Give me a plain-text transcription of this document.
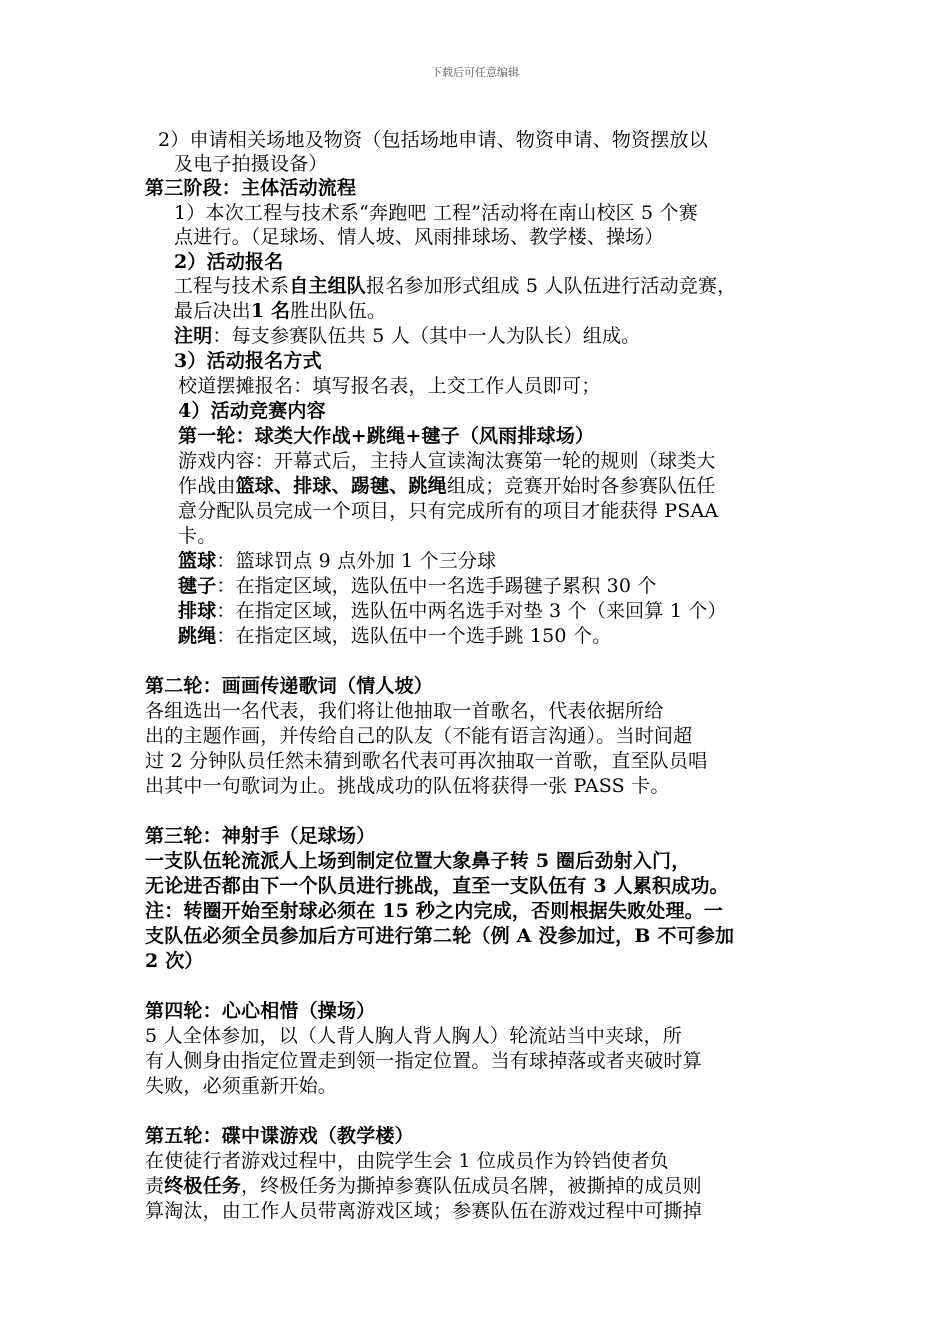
下载后可任意编辑
2）申请相关场地及物资（包括场地申请、物资申请、物资摆放以
及电子拍摄设备）
第三阶段：主体活动流程
1）本次工程与技术系“奔跑吧 工程”活动将在南山校区 5 个赛
点进行。（足球场、情人坡、风雨排球场、教学楼、操场）
2）活动报名
工程与技术系自主组队报名参加形式组成 5 人队伍进行活动竞赛，
最后决出1 名胜出队伍。
注明：每支参赛队伍共 5 人（其中一人为队长）组成。
3）活动报名方式
校道摆摊报名：填写报名表，上交工作人员即可；
4）活动竞赛内容
第一轮：球类大作战+跳绳+毽子（风雨排球场）
游戏内容：开幕式后，主持人宣读淘汰赛第一轮的规则（球类大
作战由篮球、排球、踢毽、跳绳组成；竞赛开始时各参赛队伍任
意分配队员完成一个项目，只有完成所有的项目才能获得 PSAA
卡。
篮球：篮球罚点 9 点外加 1 个三分球
毽子：在指定区域，选队伍中一名选手踢毽子累积 30 个
排球：在指定区域，选队伍中两名选手对垫 3 个（来回算 1 个）
跳绳：在指定区域，选队伍中一个选手跳 150 个。
第二轮：画画传递歌词（情人坡）
各组选出一名代表，我们将让他抽取一首歌名，代表依据所给
出的主题作画，并传给自己的队友（不能有语言沟通）。当时间超
过 2 分钟队员任然未猜到歌名代表可再次抽取一首歌，直至队员唱
出其中一句歌词为止。挑战成功的队伍将获得一张 PASS 卡。
第三轮：神射手（足球场）
一支队伍轮流派人上场到制定位置大象鼻子转 5 圈后劲射入门，
无论进否都由下一个队员进行挑战，直至一支队伍有 3 人累积成功。
注：转圈开始至射球必须在 15 秒之内完成，否则根据失败处理。一
支队伍必须全员参加后方可进行第二轮（例 A 没参加过，B 不可参加
2 次）
第四轮：心心相惜（操场）
5 人全体参加，以（人背人胸人背人胸人）轮流站当中夹球，所
有人侧身由指定位置走到领一指定位置。当有球掉落或者夹破时算
失败，必须重新开始。
第五轮：碟中谍游戏（教学楼）
在使徒行者游戏过程中，由院学生会 1 位成员作为铃铛使者负
责终极任务，终极任务为撕掉参赛队伍成员名牌，被撕掉的成员则
算淘汰，由工作人员带离游戏区域；参赛队伍在游戏过程中可撕掉
